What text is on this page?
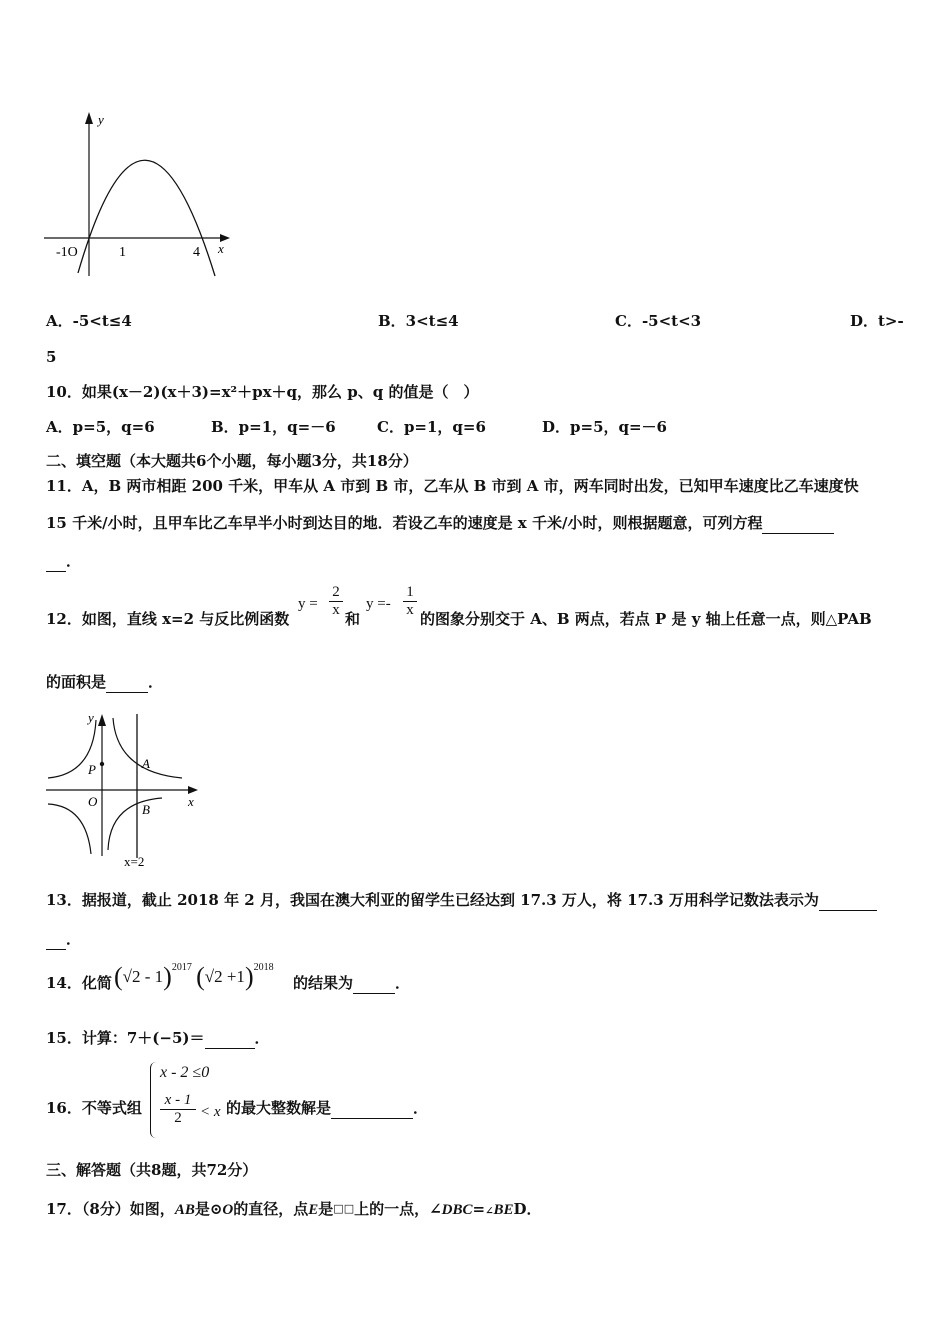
y
x
-1O	1	4
A．-5<t≤4	B．3<t≤4	C．-5<t<3	D．t>-
5
10．如果(x－2)(x＋3)=x²＋px＋q，那么 p、q 的值是（　）
A．p=5，q=6	B．p=1，q=－6	C．p=1，q=6	D．p=5，q=－6
二、填空题（本大题共6个小题，每小题3分，共18分）
11．A，B 两市相距 200 千米，甲车从 A 市到 B 市，乙车从 B 市到 A 市，两车同时出发，已知甲车速度比乙车速度快
15 千米/小时，且甲车比乙车早半小时到达目的地．若设乙车的速度是 x 千米/小时，则根据题意，可列方程
．
12．如图，直线 x=2 与反比例函数
y =
2
x 和
y =-
1
x 的图象分别交于 A、B 两点，若点 P 是 y 轴上任意一点，则△PAB
的面积是	．
y
x
P	A
O
B
x=2
13．据报道，截止 2018 年 2 月，我国在澳大利亚的留学生已经达到 17.3 万人，将 17.3 万用科学记数法表示为
．
14．化简 (√2 - 1)$^{2017}$ $(√2 +1)^{2018}$
的结果为	．
15．计算：7＋(−5)＝	．
16．不等式组
x - 2 ≤0
x - 1
2	< x 的最大整数解是	．
三、解答题（共8题，共72分）
17．（8分）如图，AB是⊙O的直径，点E是□□上的一点，∠DBC=∠BED．
